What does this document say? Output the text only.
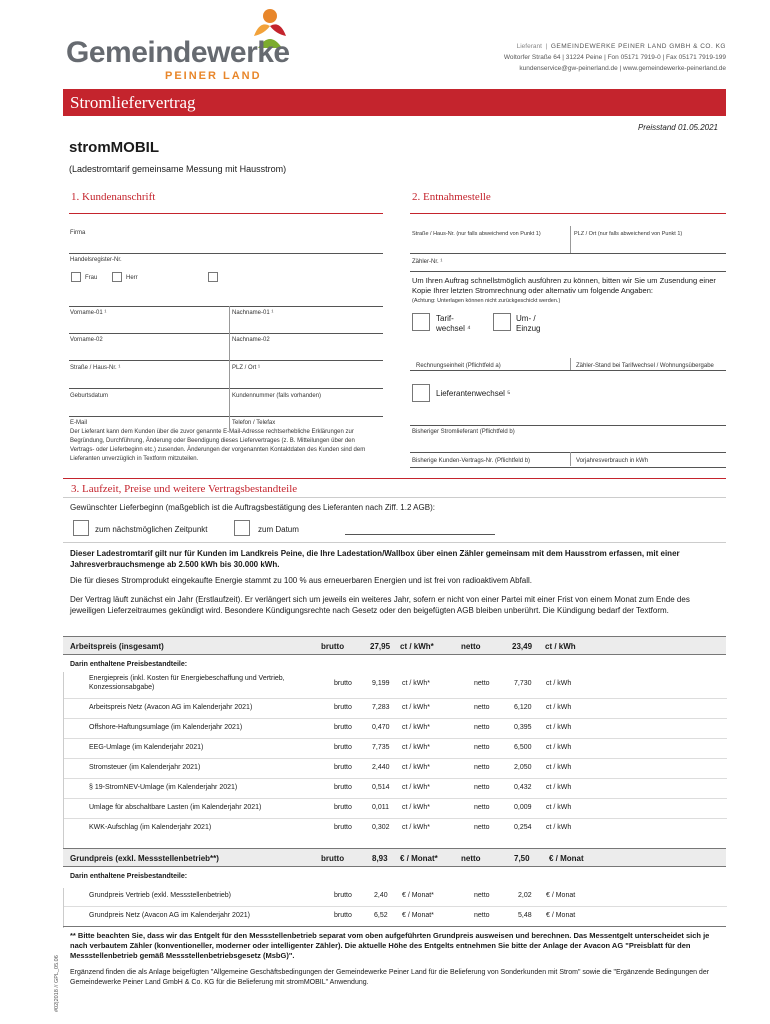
Gemeindewerke
PEINER LAND
Lieferant  |  GEMEINDEWERKE PEINER LAND GMBH & CO. KG
Woltorfer Straße 64 | 31224 Peine | Fon 05171 7919-0 | Fax 05171 7919-199
kundenservice@gw-peinerland.de | www.gemeindewerke-peinerland.de
Stromliefervertrag
Preisstand 01.05.2021
stromMOBIL
(Ladestromtarif gemeinsame Messung mit Hausstrom)
1. Kundenanschrift
Firma
Handelsregister-Nr.
Frau	Herr
Vorname-01 ¹	Nachname-01 ¹
Vorname-02	Nachname-02
Straße / Haus-Nr. ¹	PLZ / Ort ¹
Geburtsdatum	Kundennummer (falls vorhanden)
E-Mail	Telefon / Telefax
Der Lieferant kann dem Kunden über die zuvor genannte E-Mail-Adresse rechtserhebliche Erklärungen zur Begründung, Durchführung, Änderung oder Beendigung dieses Liefervertrages (z. B. Mitteilungen über den Vertrags- oder Lieferbeginn etc.) zusenden. Änderungen der vorgenannten Kontaktdaten des Kunden sind dem Lieferanten unverzüglich in Textform mitzuteilen.
2. Entnahmestelle
Straße / Haus-Nr. (nur falls abweichend von Punkt 1)	PLZ / Ort (nur falls abweichend von Punkt 1)
Zähler-Nr. ¹
Um Ihren Auftrag schnellstmöglich ausführen zu können, bitten wir Sie um Zusendung einer Kopie Ihrer letzten Stromrechnung oder alternativ um folgende Angaben:
(Achtung: Unterlagen können nicht zurückgeschickt werden.)
Tarif-wechsel ⁴
Um- / Einzug
Rechnungseinheit (Pflichtfeld a)	Zähler-Stand bei Tarifwechsel / Wohnungsübergabe
Lieferantenwechsel ⁵
Bisheriger Stromlieferant (Pflichtfeld b)
Bisherige Kunden-Vertrags-Nr. (Pflichtfeld b)	Vorjahresverbrauch in kWh
3. Laufzeit, Preise und weitere Vertragsbestandteile
Gewünschter Lieferbeginn (maßgeblich ist die Auftragsbestätigung des Lieferanten nach Ziff. 1.2 AGB):
zum nächstmöglichen Zeitpunkt	zum Datum
Dieser Ladestromtarif gilt nur für Kunden im Landkreis Peine, die Ihre Ladestation/Wallbox über einen Zähler gemeinsam mit dem Hausstrom erfassen, mit einer Jahresverbrauchsmenge ab 2.500 kWh bis 30.000 kWh.
Die für dieses Stromprodukt eingekaufte Energie stammt zu 100 % aus erneuerbaren Energien und ist frei von radioaktivem Abfall.
Der Vertrag läuft zunächst ein Jahr (Erstlaufzeit). Er verlängert sich um jeweils ein weiteres Jahr, sofern er nicht von einer Partei mit einer Frist von einem Monat zum Ende des jeweiligen Lieferzeitraumes gekündigt wird. Besondere Kündigungsrechte nach Gesetz oder den beigefügten AGB bleiben unberührt. Die Kündigung bedarf der Textform.
Arbeitspreis (insgesamt)	brutto	27,95 ct / kWh*	netto	23,49 ct / kWh
Darin enthaltene Preisbestandteile:
Energiepreis (inkl. Kosten für Energiebeschaffung und Vertrieb, Konzessionsabgabe)
brutto	9,199 ct / kWh*	netto	7,730 ct / kWh
Arbeitspreis Netz (Avacon AG im Kalenderjahr 2021)	brutto	7,283 ct / kWh*	netto	6,120 ct / kWh
Offshore-Haftungsumlage (im Kalenderjahr 2021)	brutto	0,470 ct / kWh*	netto	0,395 ct / kWh
EEG-Umlage (im Kalenderjahr 2021)	brutto	7,735 ct / kWh*	netto	6,500 ct / kWh
Stromsteuer (im Kalenderjahr 2021)	brutto	2,440 ct / kWh*	netto	2,050 ct / kWh
§ 19-StromNEV-Umlage (im Kalenderjahr 2021)	brutto	0,514 ct / kWh*	netto	0,432 ct / kWh
Umlage für abschaltbare Lasten (im Kalenderjahr 2021)	brutto	0,011 ct / kWh*	netto	0,009 ct / kWh
KWK-Aufschlag (im Kalenderjahr 2021)	brutto	0,302 ct / kWh*	netto	0,254 ct / kWh
Grundpreis (exkl. Messstellenbetrieb**)	brutto	8,93 € / Monat*	netto	7,50 € / Monat
Darin enthaltene Preisbestandteile:
Grundpreis Vertrieb (exkl. Messstellenbetrieb)	brutto	2,40 € / Monat*	netto	2,02 € / Monat
Grundpreis Netz (Avacon AG im Kalenderjahr 2021)	brutto	6,52 € / Monat*	netto	5,48 € / Monat
** Bitte beachten Sie, dass wir das Entgelt für den Messstellenbetrieb separat vom oben aufgeführten Grundpreis ausweisen und berechnen. Das Messentgelt unterscheidet sich je nach verbautem Zähler (konventioneller, moderner oder intelligenter Zähler). Die aktuelle Höhe des Entgelts entnehmen Sie bitte der Anlage der Avacon AG "Preisblatt für den Messstellenbetrieb gemäß Messstellenbetriebsgesetz (MsbG)".
Ergänzend finden die als Anlage beigefügten "Allgemeine Geschäftsbedingungen der Gemeindewerke Peiner Land für die Belieferung von Sonderkunden mit Strom" sowie die "Ergänzende Bedingungen der Gemeindewerke Peiner Land GmbH & Co. KG für die Belieferung mit stromMOBIL" Anwendung.
#02|2018 // GPL_05.06
